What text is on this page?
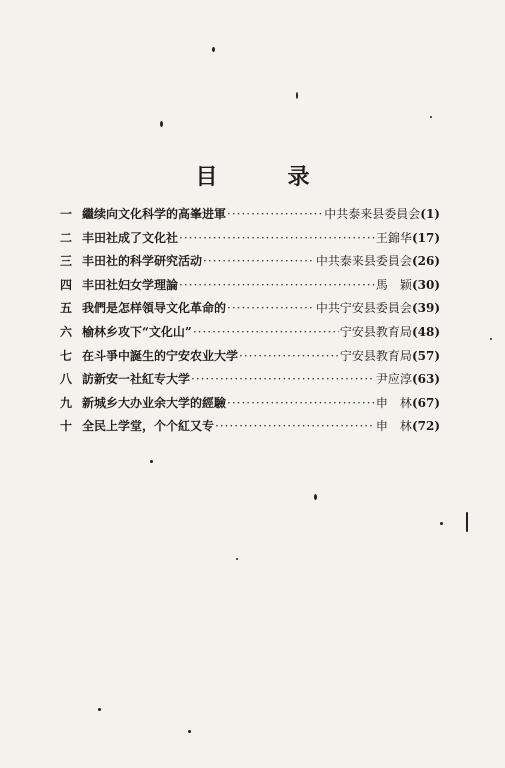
目　录
一 繼续向文化科学的高峯进軍 ·····	中共泰来县委員会 (1)
二 丰田社成了文化社 ·····	王錦华 (17)
三 丰田社的科学研究活动 ·····	中共泰来县委員会 (26)
四 丰田社妇女学理論 ·····	馬　颖 (30)
五 我們是怎样領导文化革命的 ·····	中共宁安县委員会 (39)
六 榆林乡攻下“文化山” ·····	宁安县教育局 (48)
七 在斗爭中誕生的宁安农业大学 ·····	宁安县教育局 (57)
八 訪新安一社紅专大学 ·····	尹应淳 (63)
九 新城乡大办业余大学的經驗 ·····	申　林 (67)
十 全民上学堂，个个紅又专 ·····	申　林 (72)
